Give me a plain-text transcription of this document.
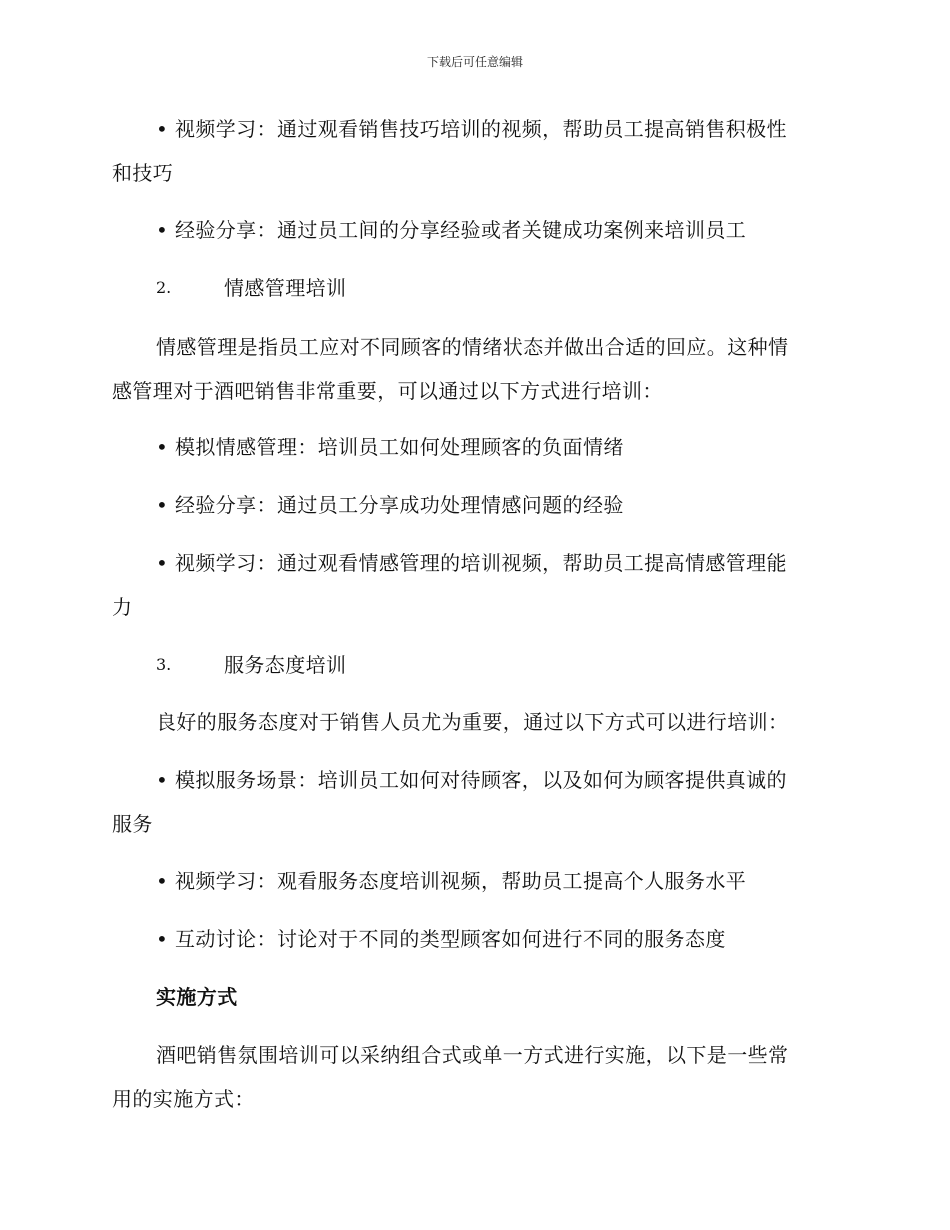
下载后可任意编辑
• 视频学习：通过观看销售技巧培训的视频，帮助员工提高销售积极性
和技巧
• 经验分享：通过员工间的分享经验或者关键成功案例来培训员工
2.	情感管理培训
情感管理是指员工应对不同顾客的情绪状态并做出合适的回应。这种情
感管理对于酒吧销售非常重要，可以通过以下方式进行培训：
• 模拟情感管理：培训员工如何处理顾客的负面情绪
• 经验分享：通过员工分享成功处理情感问题的经验
• 视频学习：通过观看情感管理的培训视频，帮助员工提高情感管理能
力
3.	服务态度培训
良好的服务态度对于销售人员尤为重要，通过以下方式可以进行培训：
• 模拟服务场景：培训员工如何对待顾客，以及如何为顾客提供真诚的
服务
• 视频学习：观看服务态度培训视频，帮助员工提高个人服务水平
• 互动讨论：讨论对于不同的类型顾客如何进行不同的服务态度
实施方式
酒吧销售氛围培训可以采纳组合式或单一方式进行实施，以下是一些常
用的实施方式：
